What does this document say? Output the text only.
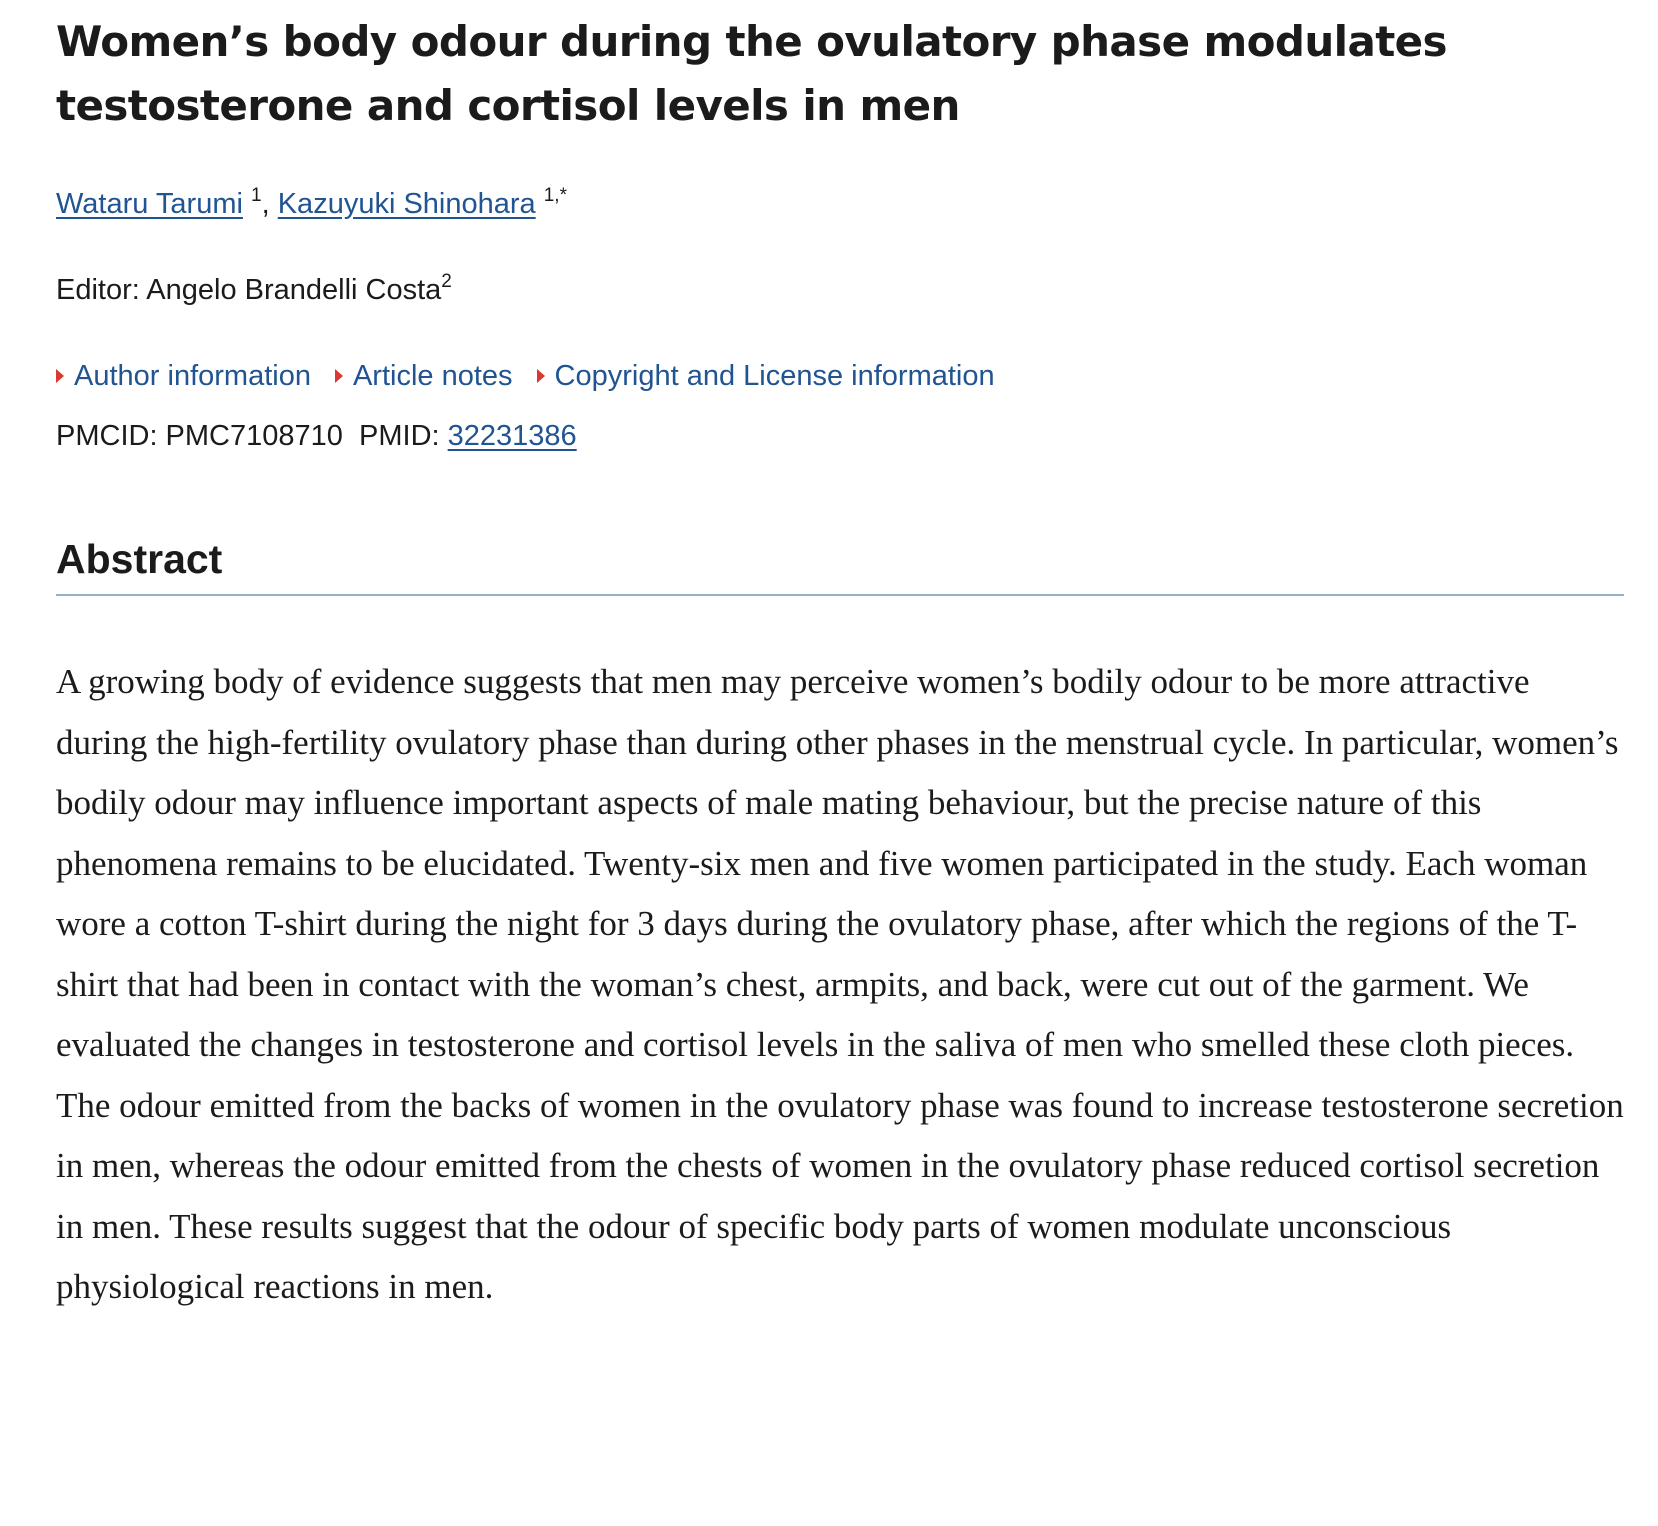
Women’s body odour during the ovulatory phase modulates testosterone and cortisol levels in men
Wataru Tarumi $^1$, Kazuyuki Shinohara $^{1,*}$
Editor: Angelo Brandelli Costa$^2$
Author information Article notes Copyright and License information
PMCID: PMC7108710 PMID: 32231386
Abstract

A growing body of evidence suggests that men may perceive women’s bodily odour to be more attractive during the high-fertility ovulatory phase than during other phases in the menstrual cycle. In particular, women’s bodily odour may influence important aspects of male mating behaviour, but the precise nature of this phenomena remains to be elucidated. Twenty-six men and five women participated in the study. Each woman wore a cotton T-shirt during the night for 3 days during the ovulatory phase, after which the regions of the T-shirt that had been in contact with the woman’s chest, armpits, and back, were cut out of the garment. We evaluated the changes in testosterone and cortisol levels in the saliva of men who smelled these cloth pieces. The odour emitted from the backs of women in the ovulatory phase was found to increase testosterone secretion in men, whereas the odour emitted from the chests of women in the ovulatory phase reduced cortisol secretion in men. These results suggest that the odour of specific body parts of women modulate unconscious physiological reactions in men.
